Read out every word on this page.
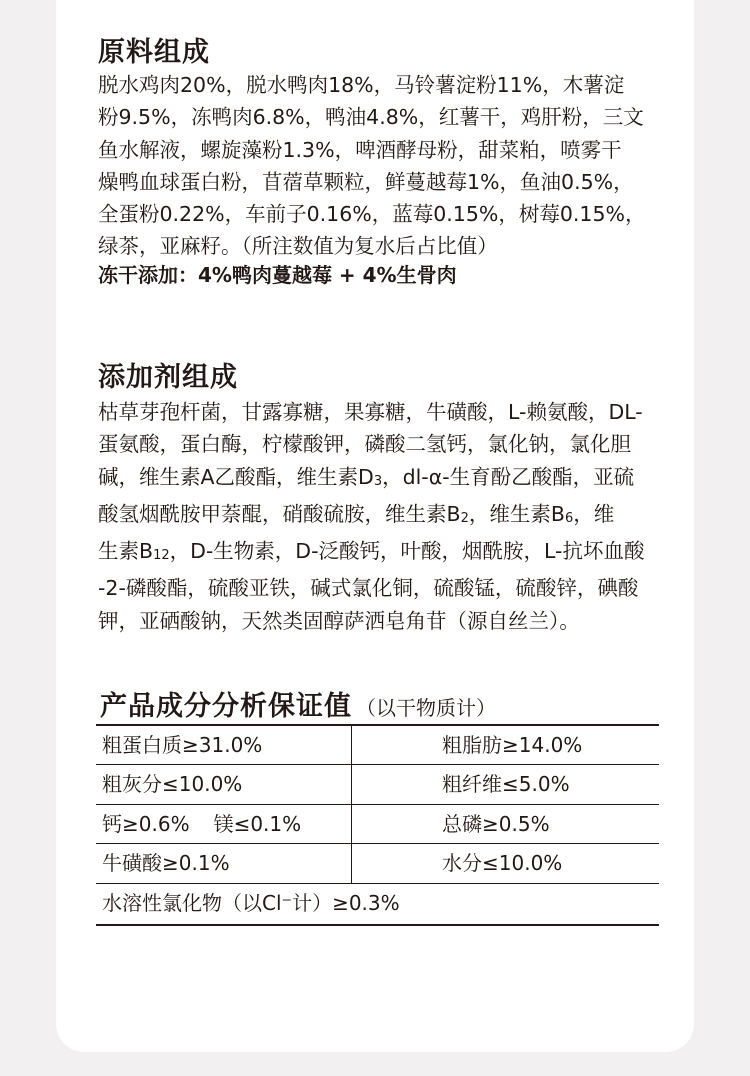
原料组成
脱水鸡肉20%，脱水鸭肉18%，马铃薯淀粉11%，木薯淀
粉9.5%，冻鸭肉6.8%，鸭油4.8%，红薯干，鸡肝粉，三文
鱼水解液，螺旋藻粉1.3%，啤酒酵母粉，甜菜粕，喷雾干
燥鸭血球蛋白粉，苜蓿草颗粒，鲜蔓越莓1%，鱼油0.5%，
全蛋粉0.22%，车前子0.16%，蓝莓0.15%，树莓0.15%，
绿茶，亚麻籽。（所注数值为复水后占比值）
冻干添加：4%鸭肉蔓越莓 + 4%生骨肉
添加剂组成
枯草芽孢杆菌，甘露寡糖，果寡糖，牛磺酸，L-赖氨酸，DL-
蛋氨酸，蛋白酶，柠檬酸钾，磷酸二氢钙，氯化钠，氯化胆
碱，维生素A乙酸酯，维生素D3，dl-α-生育酚乙酸酯，亚硫
酸氢烟酰胺甲萘醌，硝酸硫胺，维生素B2，维生素B6，维
生素B12，D-生物素，D-泛酸钙，叶酸，烟酰胺，L-抗坏血酸
-2-磷酸酯，硫酸亚铁，碱式氯化铜，硫酸锰，硫酸锌，碘酸
钾，亚硒酸钠，天然类固醇萨洒皂角苷（源自丝兰）。
产品成分分析保证值 （以干物质计）
粗蛋白质≥31.0%	粗脂肪≥14.0%
粗灰分≤10.0%	粗纤维≤5.0%
钙≥0.6% 镁≤0.1%	总磷≥0.5%
牛磺酸≥0.1%	水分≤10.0%
水溶性氯化物（以Cl⁻计）≥0.3%
